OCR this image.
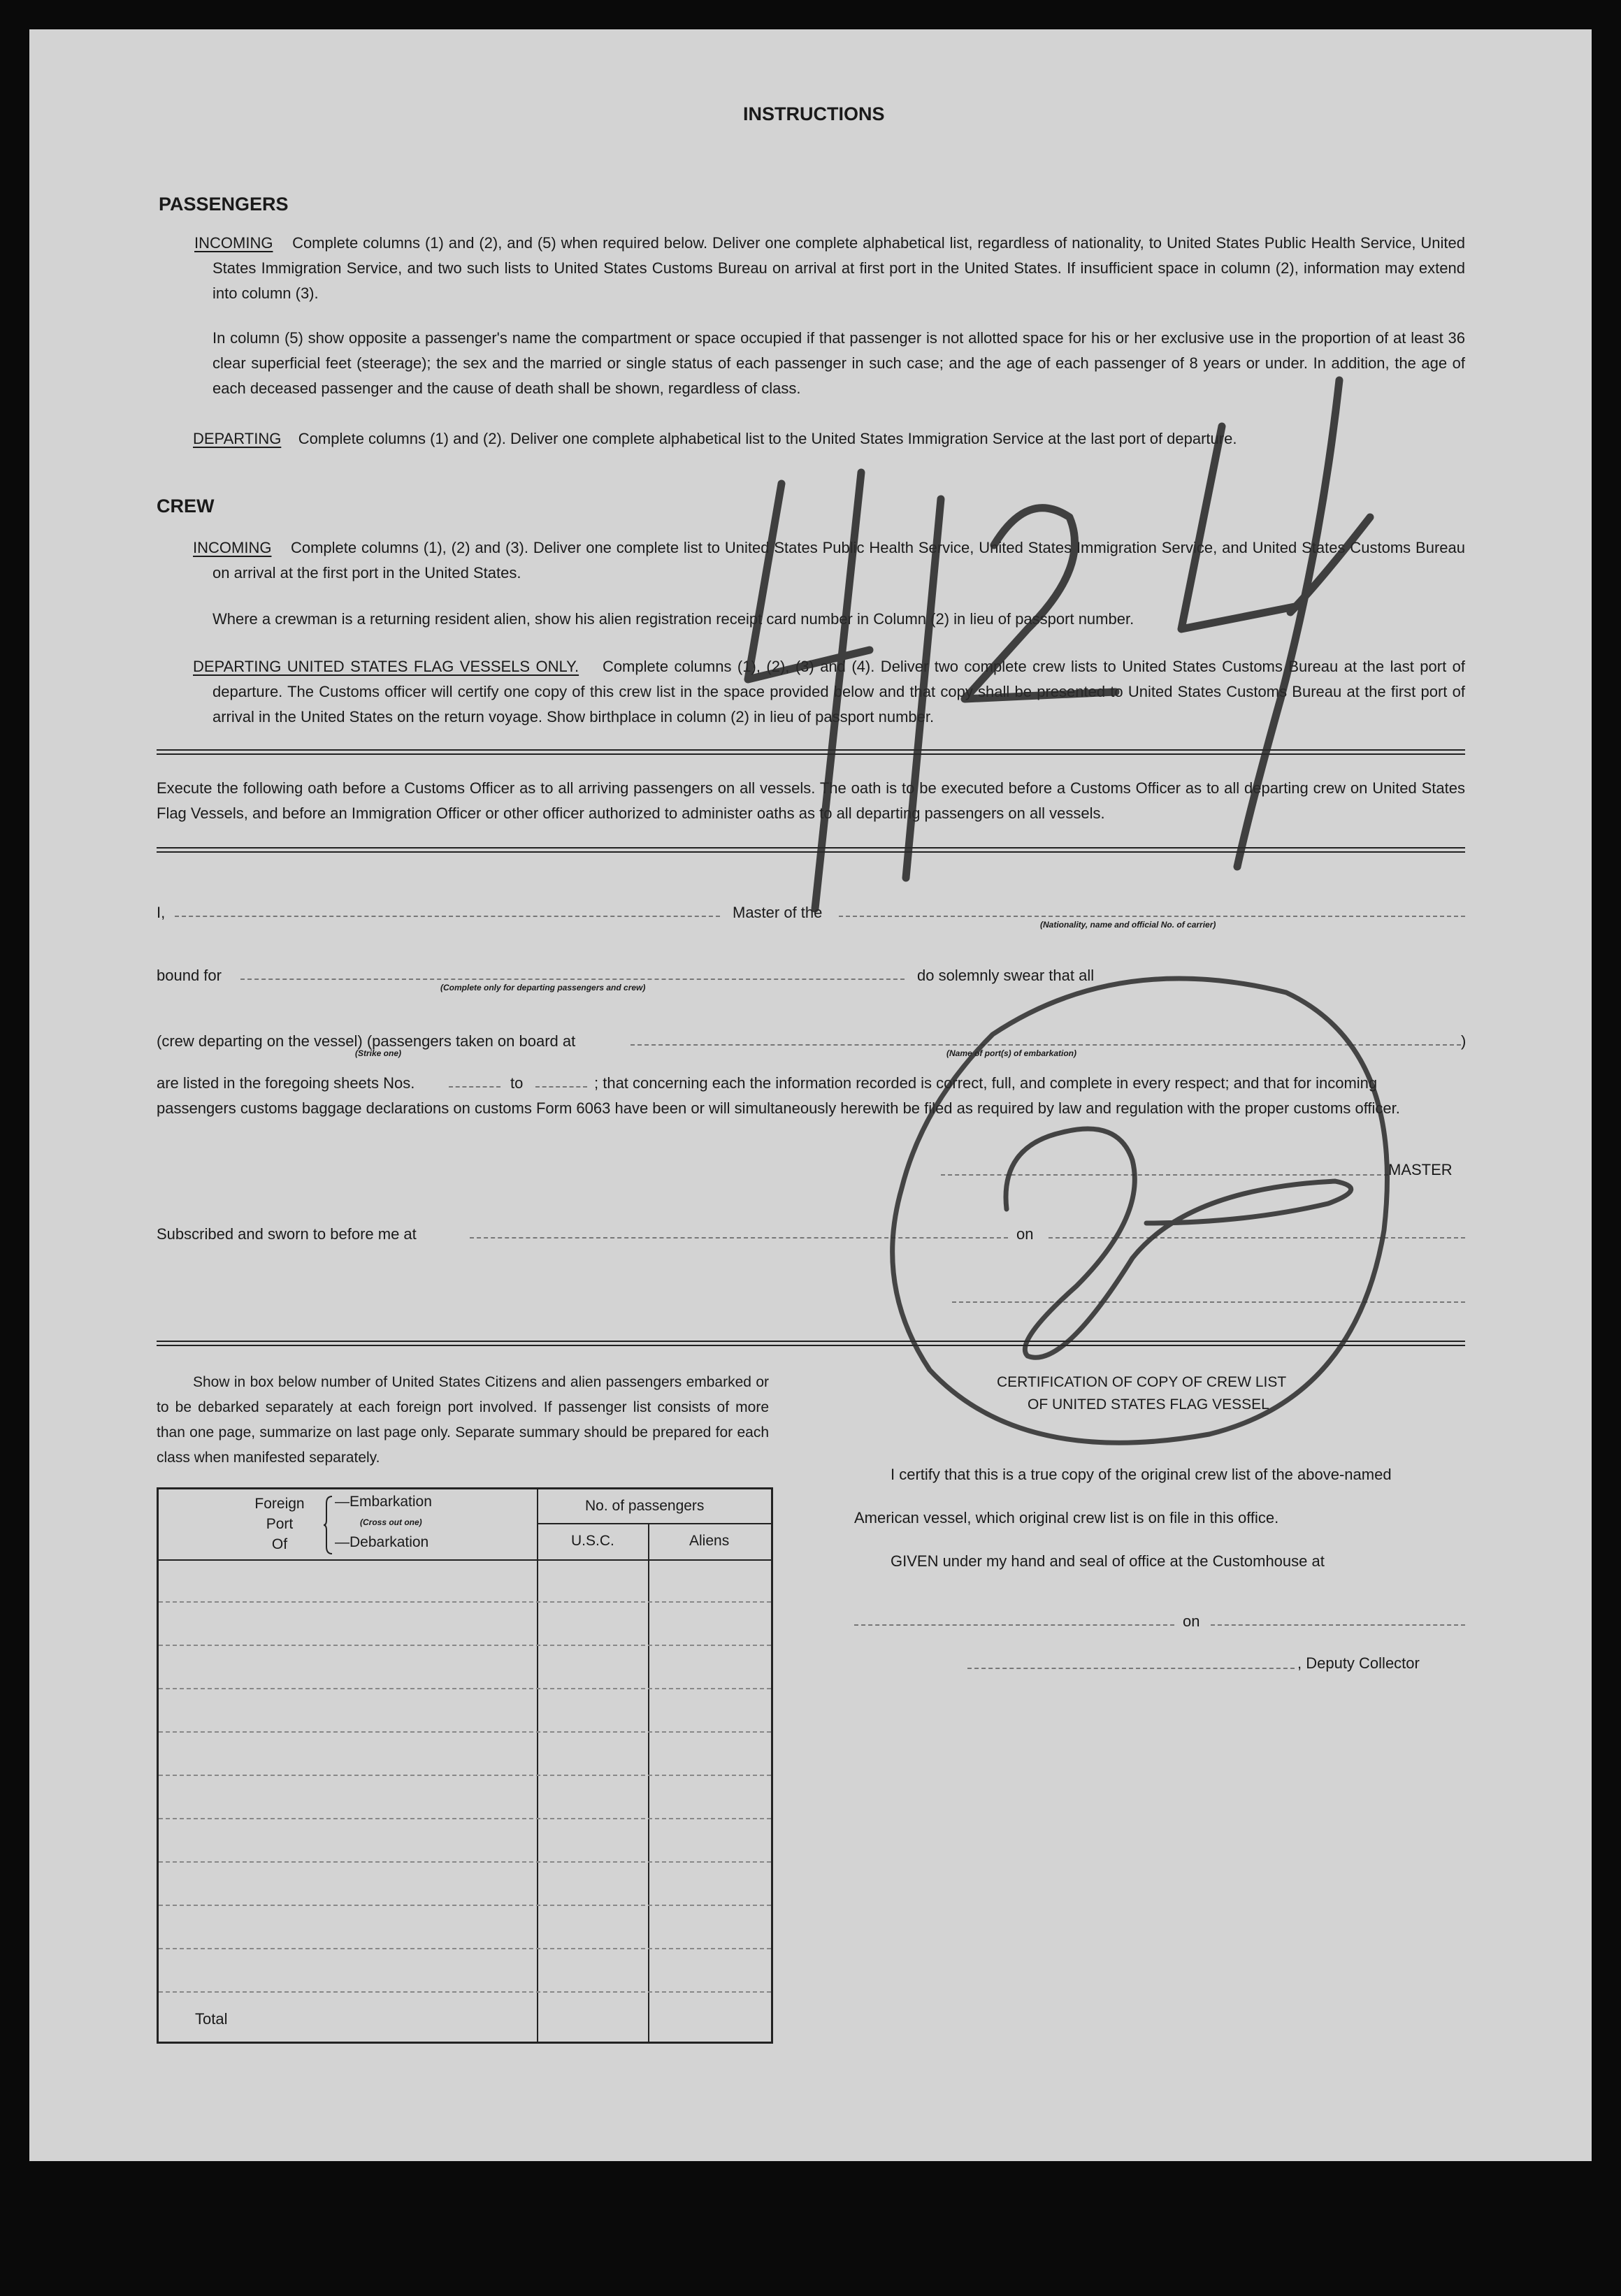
INSTRUCTIONS
PASSENGERS
INCOMING Complete columns (1) and (2), and (5) when required below. Deliver one complete alphabetical list, regardless of nationality, to United States Public Health Service, United States Immigration Service, and two such lists to United States Customs Bureau on arrival at first port in the United States. If insufficient space in column (2), information may extend into column (3).
In column (5) show opposite a passenger's name the compartment or space occupied if that passenger is not allotted space for his or her exclusive use in the proportion of at least 36 clear superficial feet (steerage); the sex and the married or single status of each passenger in such case; and the age of each passenger of 8 years or under. In addition, the age of each deceased passenger and the cause of death shall be shown, regardless of class.
DEPARTING Complete columns (1) and (2). Deliver one complete alphabetical list to the United States Immigration Service at the last port of departure.
CREW
INCOMING Complete columns (1), (2) and (3). Deliver one complete list to United States Public Health Service, United States Immigration Service, and United States Customs Bureau on arrival at the first port in the United States.
Where a crewman is a returning resident alien, show his alien registration receipt card number in Column (2) in lieu of passport number.
DEPARTING UNITED STATES FLAG VESSELS ONLY. Complete columns (1), (2), (3) and (4). Deliver two complete crew lists to United States Customs Bureau at the last port of departure. The Customs officer will certify one copy of this crew list in the space provided below and that copy shall be presented to United States Customs Bureau at the first port of arrival in the United States on the return voyage. Show birthplace in column (2) in lieu of passport number.
Execute the following oath before a Customs Officer as to all arriving passengers on all vessels. The oath is to be executed before a Customs Officer as to all departing crew on United States Flag Vessels, and before an Immigration Officer or other officer authorized to administer oaths as to all departing passengers on all vessels.
I,	Master of the
(Nationality, name and official No. of carrier)
bound for
(Complete only for departing passengers and crew)
do solemnly swear that all
(crew departing on the vessel) (passengers taken on board at
(Strike one)	(Name of port(s) of embarkation)
)
are listed in the foregoing sheets Nos.	to	; that concerning each the information recorded is correct, full, and complete in every respect; and that for incoming
passengers customs baggage declarations on customs Form 6063 have been or will simultaneously herewith be filed as required by law and regulation with the proper customs officer.
MASTER
Subscribed and sworn to before me at	on
Show in box below number of United States Citizens and alien passengers embarked or to be debarked separately at each foreign port involved. If passenger list consists of more than one page, summarize on last page only. Separate summary should be prepared for each class when manifested separately.
Foreign
Port
Of
—Embarkation
(Cross out one)
—Debarkation
No. of passengers
U.S.C.	Aliens
Total
CERTIFICATION OF COPY OF CREW LIST
OF UNITED STATES FLAG VESSEL
I certify that this is a true copy of the original crew list of the above-named
American vessel, which original crew list is on file in this office.
GIVEN under my hand and seal of office at the Customhouse at
on
, Deputy Collector
